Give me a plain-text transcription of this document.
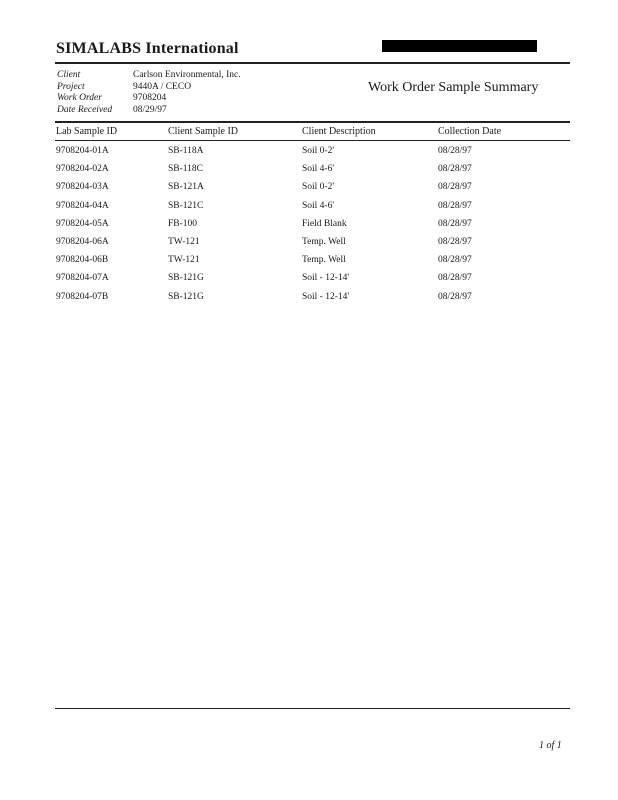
SIMALABS International
Client	Carlson Environmental, Inc.
Project	9440A / CECO
Work Order	9708204
Date Received 08/29/97
Work Order Sample Summary
Lab Sample ID	Client Sample ID	Client Description	Collection Date
9708204-01A	SB-118A	Soil 0-2'	08/28/97
9708204-02A	SB-118C	Soil 4-6'	08/28/97
9708204-03A	SB-121A	Soil 0-2'	08/28/97
9708204-04A	SB-121C	Soil 4-6'	08/28/97
9708204-05A	FB-100	Field Blank	08/28/97
9708204-06A	TW-121	Temp. Well	08/28/97
9708204-06B	TW-121	Temp. Well	08/28/97
9708204-07A	SB-121G	Soil - 12-14'	08/28/97
9708204-07B	SB-121G	Soil - 12-14'	08/28/97
1 of 1
